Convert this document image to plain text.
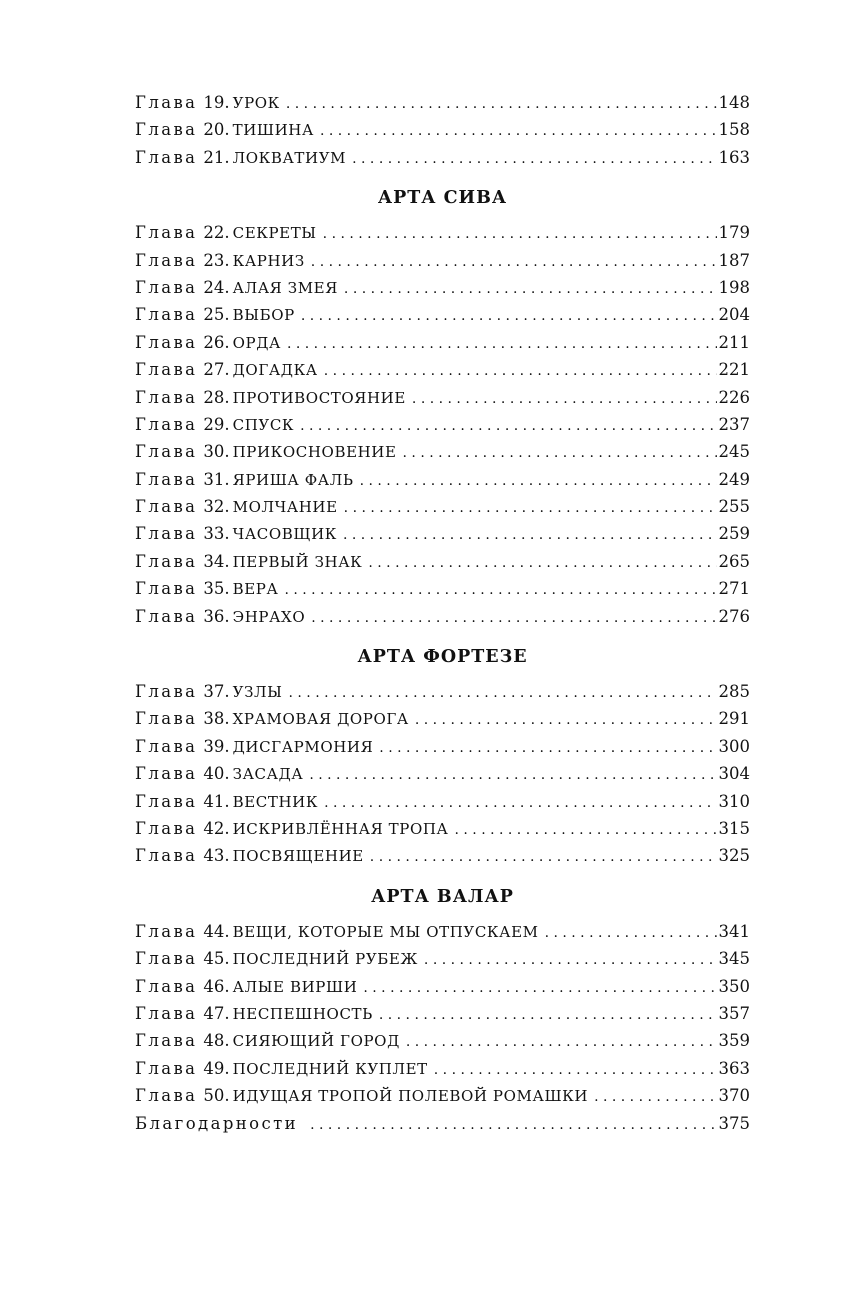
Глава 19. УРОК . . .	148
Глава 20. ТИШИНА . . .	158
Глава 21. ЛОКВАТИУМ . . .	163
АРТА СИВА
Глава 22. СЕКРЕТЫ . . .	179
Глава 23. КАРНИЗ . . .	187
Глава 24. АЛАЯ ЗМЕЯ . . .	198
Глава 25. ВЫБОР . . .	204
Глава 26. ОРДА . . .	211
Глава 27. ДОГАДКА . . .	221
Глава 28. ПРОТИВОСТОЯНИЕ . . .	226
Глава 29. СПУСК . . .	237
Глава 30. ПРИКОСНОВЕНИЕ . . .	245
Глава 31. ЯРИША ФАЛЬ . . .	249
Глава 32. МОЛЧАНИЕ . . .	255
Глава 33. ЧАСОВЩИК . . .	259
Глава 34. ПЕРВЫЙ ЗНАК . . .	265
Глава 35. ВЕРА . . .	271
Глава 36. ЭНРАХО . . .	276
АРТА ФОРТЕЗЕ
Глава 37. УЗЛЫ . . .	285
Глава 38. ХРАМОВАЯ ДОРОГА . . .	291
Глава 39. ДИСГАРМОНИЯ . . .	300
Глава 40. ЗАСАДА . . .	304
Глава 41. ВЕСТНИК . . .	310
Глава 42. ИСКРИВЛЁННАЯ ТРОПА . . .	315
Глава 43. ПОСВЯЩЕНИЕ . . .	325
АРТА ВАЛАР
Глава 44. ВЕЩИ, КОТОРЫЕ МЫ ОТПУСКАЕМ . . .	341
Глава 45. ПОСЛЕДНИЙ РУБЕЖ . . .	345
Глава 46. АЛЫЕ ВИРШИ . . .	350
Глава 47. НЕСПЕШНОСТЬ . . .	357
Глава 48. СИЯЮЩИЙ ГОРОД . . .	359
Глава 49. ПОСЛЕДНИЙ КУПЛЕТ . . .	363
Глава 50. ИДУЩАЯ ТРОПОЙ ПОЛЕВОЙ РОМАШКИ . . .	370
Благодарности . . .	375
